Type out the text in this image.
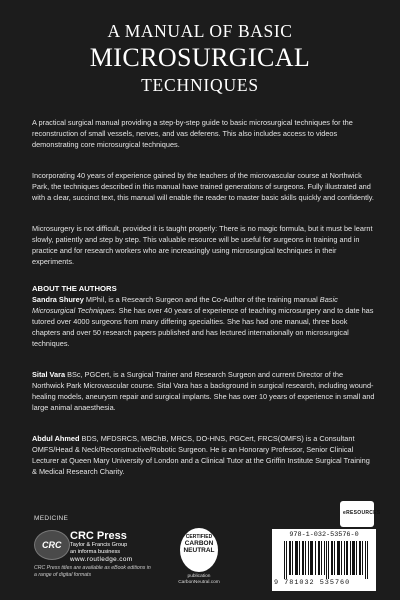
A MANUAL OF BASIC
MICROSURGICAL
TECHNIQUES

A practical surgical manual providing a step-by-step guide to basic microsurgical techniques for the reconstruction of small vessels, nerves, and vas deferens. This also includes access to videos demonstrating core microsurgical techniques.

Incorporating 40 years of experience gained by the teachers of the microvascular course at Northwick Park, the techniques described in this manual have trained generations of surgeons. Fully illustrated and with a clear, succinct text, this manual will enable the reader to master basic skills quickly and confidently.

Microsurgery is not difficult, provided it is taught properly: There is no magic formula, but it must be learnt slowly, patiently and step by step. This valuable resource will be useful for surgeons in training and in practice and for research workers who are increasingly using microsurgical techniques in their experiments.

ABOUT THE AUTHORS

Sandra Shurey MPhil, is a Research Surgeon and the Co-Author of the training manual Basic Microsurgical Techniques. She has over 40 years of experience of teaching microsurgery and to date has tutored over 4000 surgeons from many differing specialties. She has had one manual, three book chapters and over 50 research papers published and has lectured internationally on microsurgical techniques.

Sital Vara BSc, PGCert, is a Surgical Trainer and Research Surgeon and current Director of the Northwick Park Microvascular course. Sital Vara has a background in surgical research, including wound-healing models, aneurysm repair and surgical implants. She has over 10 years of experience in small and large animal anaesthesia.

Abdul Ahmed BDS, MFDSRCS, MBChB, MRCS, DO-HNS, PGCert, FRCS(OMFS) is a Consultant OMFS/Head & Neck/Reconstructive/Robotic Surgeon. He is an Honorary Professor, Senior Clinical Lecturer at Queen Mary University of London and a Clinical Tutor at the Griffin Institute Surgical Training & Medical Research Charity.

MEDICINE
CRC
CRC Press
Taylor & Francis Group
an informa business
www.routledge.com
CRC Press titles are available as eBook editions in a range of digital formats
CERTIFIED
CARBON
NEUTRAL
publication
CarbonNeutral.com
eRESOURCES
978-1-032-53576-0
9 781032 535760
